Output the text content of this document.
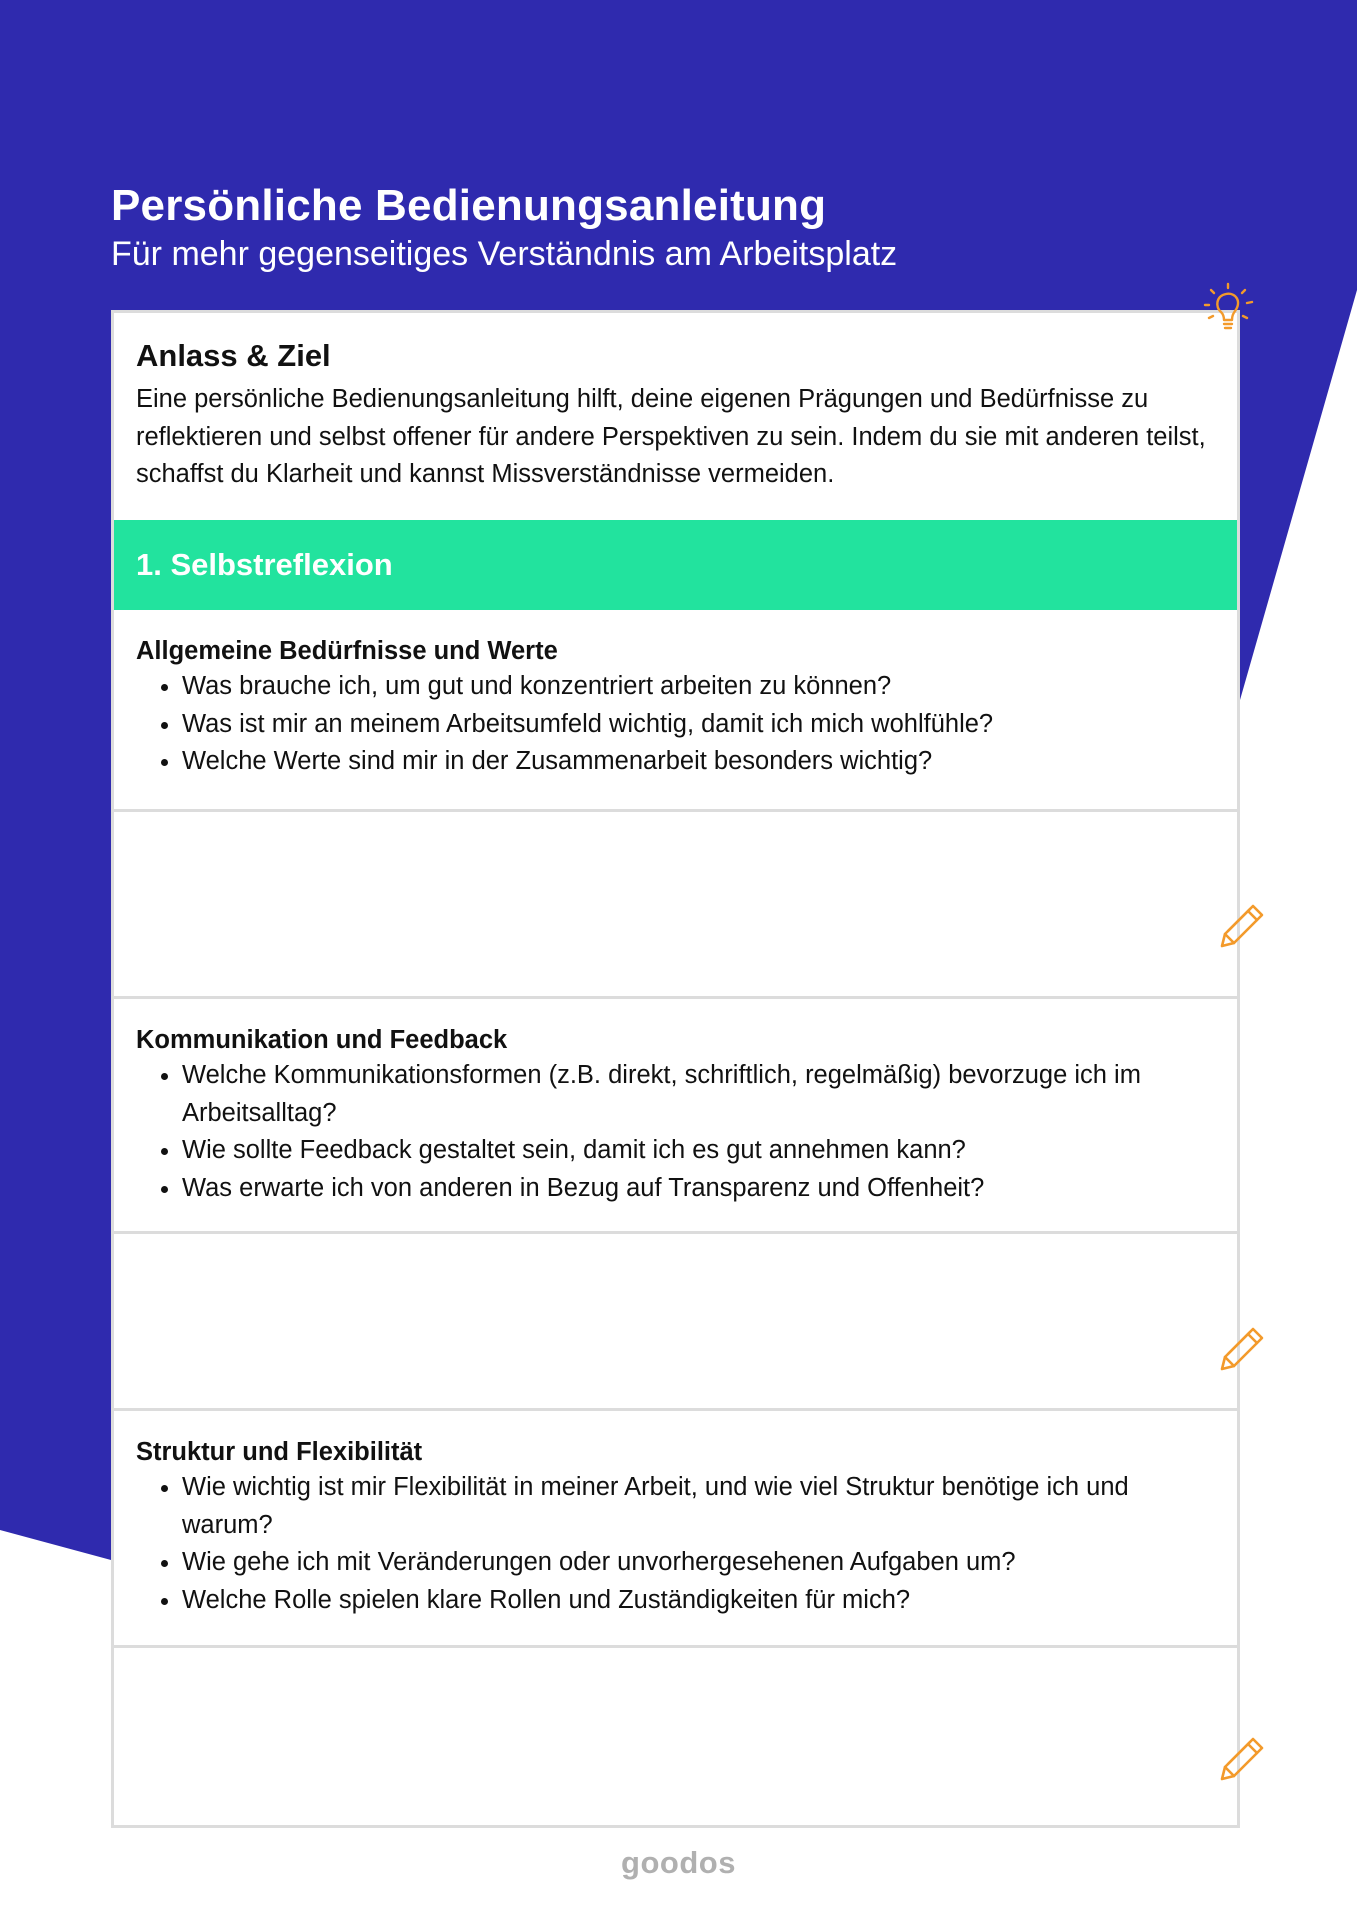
Persönliche Bedienungsanleitung
Für mehr gegenseitiges Verständnis am Arbeitsplatz
Anlass & Ziel

Eine persönliche Bedienungsanleitung hilft, deine eigenen Prägungen und Bedürfnisse zu reflektieren und selbst offener für andere Perspektiven zu sein. Indem du sie mit anderen teilst, schaffst du Klarheit und kannst Missverständnisse vermeiden.

1. Selbstreflexion
Allgemeine Bedürfnisse und Werte
• Was brauche ich, um gut und konzentriert arbeiten zu können?
• Was ist mir an meinem Arbeitsumfeld wichtig, damit ich mich wohlfühle?
• Welche Werte sind mir in der Zusammenarbeit besonders wichtig?
Kommunikation und Feedback
• Welche Kommunikationsformen (z.B. direkt, schriftlich, regelmäßig) bevorzuge ich im Arbeitsalltag?
• Wie sollte Feedback gestaltet sein, damit ich es gut annehmen kann?
• Was erwarte ich von anderen in Bezug auf Transparenz und Offenheit?
Struktur und Flexibilität
• Wie wichtig ist mir Flexibilität in meiner Arbeit, und wie viel Struktur benötige ich und warum?
• Wie gehe ich mit Veränderungen oder unvorhergesehenen Aufgaben um?
• Welche Rolle spielen klare Rollen und Zuständigkeiten für mich?
goodos
